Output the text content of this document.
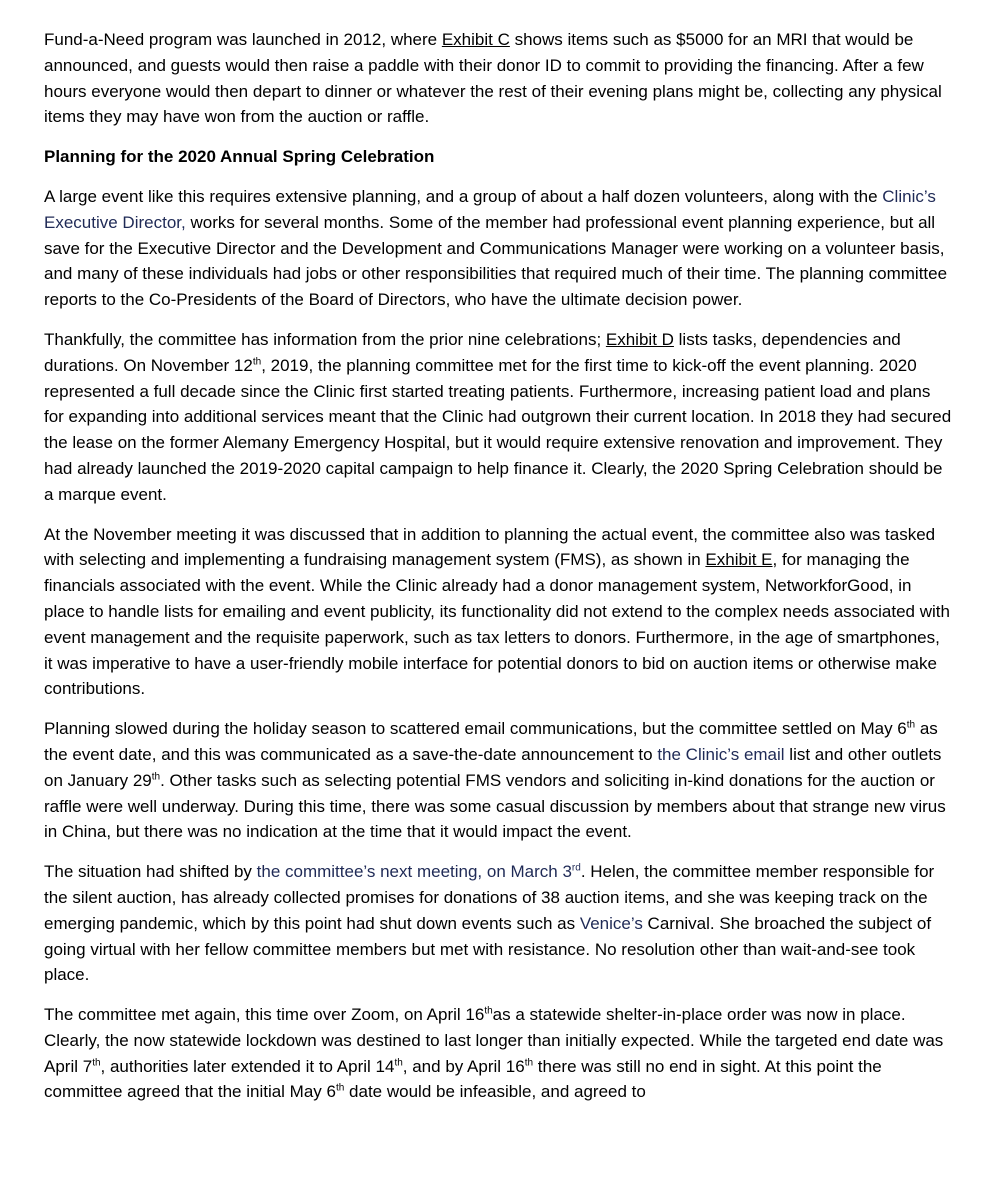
Fund-a-Need program was launched in 2012, where Exhibit C shows items such as $5000 for an MRI that would be announced, and guests would then raise a paddle with their donor ID to commit to providing the financing. After a few hours everyone would then depart to dinner or whatever the rest of their evening plans might be, collecting any physical items they may have won from the auction or raffle.

Planning for the 2020 Annual Spring Celebration

A large event like this requires extensive planning, and a group of about a half dozen volunteers, along with the Clinic’s Executive Director, works for several months. Some of the member had professional event planning experience, but all save for the Executive Director and the Development and Communications Manager were working on a volunteer basis, and many of these individuals had jobs or other responsibilities that required much of their time. The planning committee reports to the Co-Presidents of the Board of Directors, who have the ultimate decision power.

Thankfully, the committee has information from the prior nine celebrations; Exhibit D lists tasks, dependencies and durations. On November 12th, 2019, the planning committee met for the first time to kick-off the event planning. 2020 represented a full decade since the Clinic first started treating patients. Furthermore, increasing patient load and plans for expanding into additional services meant that the Clinic had outgrown their current location. In 2018 they had secured the lease on the former Alemany Emergency Hospital, but it would require extensive renovation and improvement. They had already launched the 2019-2020 capital campaign to help finance it. Clearly, the 2020 Spring Celebration should be a marque event.

At the November meeting it was discussed that in addition to planning the actual event, the committee also was tasked with selecting and implementing a fundraising management system (FMS), as shown in Exhibit E, for managing the financials associated with the event. While the Clinic already had a donor management system, NetworkforGood, in place to handle lists for emailing and event publicity, its functionality did not extend to the complex needs associated with event management and the requisite paperwork, such as tax letters to donors. Furthermore, in the age of smartphones, it was imperative to have a user-friendly mobile interface for potential donors to bid on auction items or otherwise make contributions.

Planning slowed during the holiday season to scattered email communications, but the committee settled on May 6th as the event date, and this was communicated as a save-the-date announcement to the Clinic’s email list and other outlets on January 29th. Other tasks such as selecting potential FMS vendors and soliciting in-kind donations for the auction or raffle were well underway. During this time, there was some casual discussion by members about that strange new virus in China, but there was no indication at the time that it would impact the event.

The situation had shifted by the committee’s next meeting, on March 3rd. Helen, the committee member responsible for the silent auction, has already collected promises for donations of 38 auction items, and she was keeping track on the emerging pandemic, which by this point had shut down events such as Venice’s Carnival. She broached the subject of going virtual with her fellow committee members but met with resistance. No resolution other than wait-and-see took place.

The committee met again, this time over Zoom, on April 16thas a statewide shelter-in-place order was now in place. Clearly, the now statewide lockdown was destined to last longer than initially expected. While the targeted end date was April 7th, authorities later extended it to April 14th, and by April 16th there was still no end in sight. At this point the committee agreed that the initial May 6th date would be infeasible, and agreed to
